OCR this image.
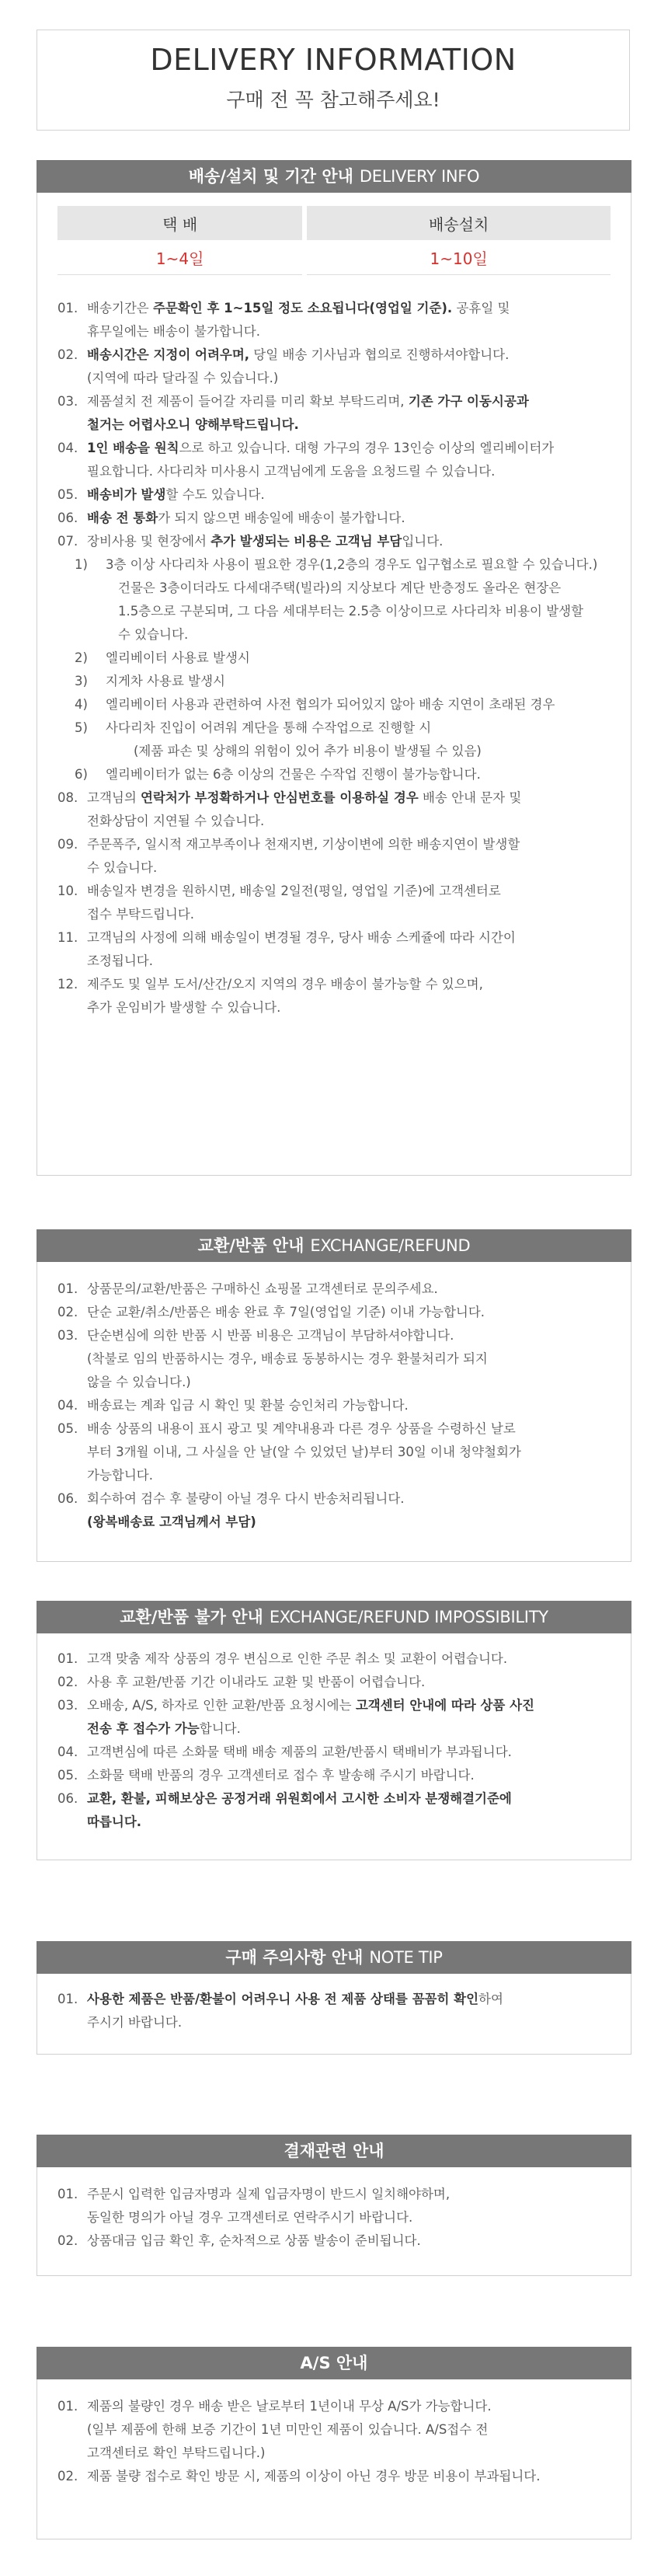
DELIVERY INFORMATION
구매 전 꼭 참고해주세요!
배송/설치 및 기간 안내 DELIVERY INFO
택 배	배송설치
1~4일	1~10일
01. 배송기간은 주문확인 후 1~15일 정도 소요됩니다(영업일 기준). 공휴일 및
휴무일에는 배송이 불가합니다.
02. 배송시간은 지정이 어려우며, 당일 배송 기사님과 협의로 진행하셔야합니다.
(지역에 따라 달라질 수 있습니다.)
03. 제품설치 전 제품이 들어갈 자리를 미리 확보 부탁드리며, 기존 가구 이동시공과
철거는 어렵사오니 양해부탁드립니다.
04. 1인 배송을 원칙으로 하고 있습니다. 대형 가구의 경우 13인승 이상의 엘리베이터가
필요합니다. 사다리차 미사용시 고객님에게 도움을 요청드릴 수 있습니다.
05. 배송비가 발생할 수도 있습니다.
06. 배송 전 통화가 되지 않으면 배송일에 배송이 불가합니다.
07. 장비사용 및 현장에서 추가 발생되는 비용은 고객님 부담입니다.
1) 3층 이상 사다리차 사용이 필요한 경우(1,2층의 경우도 입구협소로 필요할 수 있습니다.)
건물은 3층이더라도 다세대주택(빌라)의 지상보다 계단 반층정도 올라온 현장은
1.5층으로 구분되며, 그 다음 세대부터는 2.5층 이상이므로 사다리차 비용이 발생할
수 있습니다.
2) 엘리베이터 사용료 발생시
3) 지게차 사용료 발생시
4) 엘리베이터 사용과 관련하여 사전 협의가 되어있지 않아 배송 지연이 초래된 경우
5) 사다리차 진입이 어려워 계단을 통해 수작업으로 진행할 시
(제품 파손 및 상해의 위험이 있어 추가 비용이 발생될 수 있음)
6) 엘리베이터가 없는 6층 이상의 건물은 수작업 진행이 불가능합니다.
08. 고객님의 연락처가 부정확하거나 안심번호를 이용하실 경우 배송 안내 문자 및
전화상담이 지연될 수 있습니다.
09. 주문폭주, 일시적 재고부족이나 천재지변, 기상이변에 의한 배송지연이 발생할
수 있습니다.
10. 배송일자 변경을 원하시면, 배송일 2일전(평일, 영업일 기준)에 고객센터로
접수 부탁드립니다.
11. 고객님의 사정에 의해 배송일이 변경될 경우, 당사 배송 스케쥴에 따라 시간이
조정됩니다.
12. 제주도 및 일부 도서/산간/오지 지역의 경우 배송이 불가능할 수 있으며,
추가 운임비가 발생할 수 있습니다.
교환/반품 안내 EXCHANGE/REFUND
01. 상품문의/교환/반품은 구매하신 쇼핑몰 고객센터로 문의주세요.
02. 단순 교환/취소/반품은 배송 완료 후 7일(영업일 기준) 이내 가능합니다.
03. 단순변심에 의한 반품 시 반품 비용은 고객님이 부담하셔야합니다.
(착불로 임의 반품하시는 경우, 배송료 동봉하시는 경우 환불처리가 되지
않을 수 있습니다.)
04. 배송료는 계좌 입금 시 확인 및 환불 승인처리 가능합니다.
05. 배송 상품의 내용이 표시 광고 및 계약내용과 다른 경우 상품을 수령하신 날로
부터 3개월 이내, 그 사실을 안 날(알 수 있었던 날)부터 30일 이내 청약철회가
가능합니다.
06. 회수하여 검수 후 불량이 아닐 경우 다시 반송처리됩니다.
(왕복배송료 고객님께서 부담)
교환/반품 불가 안내 EXCHANGE/REFUND IMPOSSIBILITY
01. 고객 맞춤 제작 상품의 경우 변심으로 인한 주문 취소 및 교환이 어렵습니다.
02. 사용 후 교환/반품 기간 이내라도 교환 및 반품이 어렵습니다.
03. 오배송, A/S, 하자로 인한 교환/반품 요청시에는 고객센터 안내에 따라 상품 사진
전송 후 접수가 가능합니다.
04. 고객변심에 따른 소화물 택배 배송 제품의 교환/반품시 택배비가 부과됩니다.
05. 소화물 택배 반품의 경우 고객센터로 접수 후 발송해 주시기 바랍니다.
06. 교환, 환불, 피해보상은 공정거래 위원회에서 고시한 소비자 분쟁해결기준에
따릅니다.
구매 주의사항 안내 NOTE TIP
01. 사용한 제품은 반품/환불이 어려우니 사용 전 제품 상태를 꼼꼼히 확인하여
주시기 바랍니다.
결재관련 안내
01. 주문시 입력한 입금자명과 실제 입금자명이 반드시 일치해야하며,
동일한 명의가 아닐 경우 고객센터로 연락주시기 바랍니다.
02. 상품대금 입금 확인 후, 순차적으로 상품 발송이 준비됩니다.
A/S 안내
01. 제품의 불량인 경우 배송 받은 날로부터 1년이내 무상 A/S가 가능합니다.
(일부 제품에 한해 보증 기간이 1년 미만인 제품이 있습니다. A/S접수 전
고객센터로 확인 부탁드립니다.)
02. 제품 불량 접수로 확인 방문 시, 제품의 이상이 아닌 경우 방문 비용이 부과됩니다.
